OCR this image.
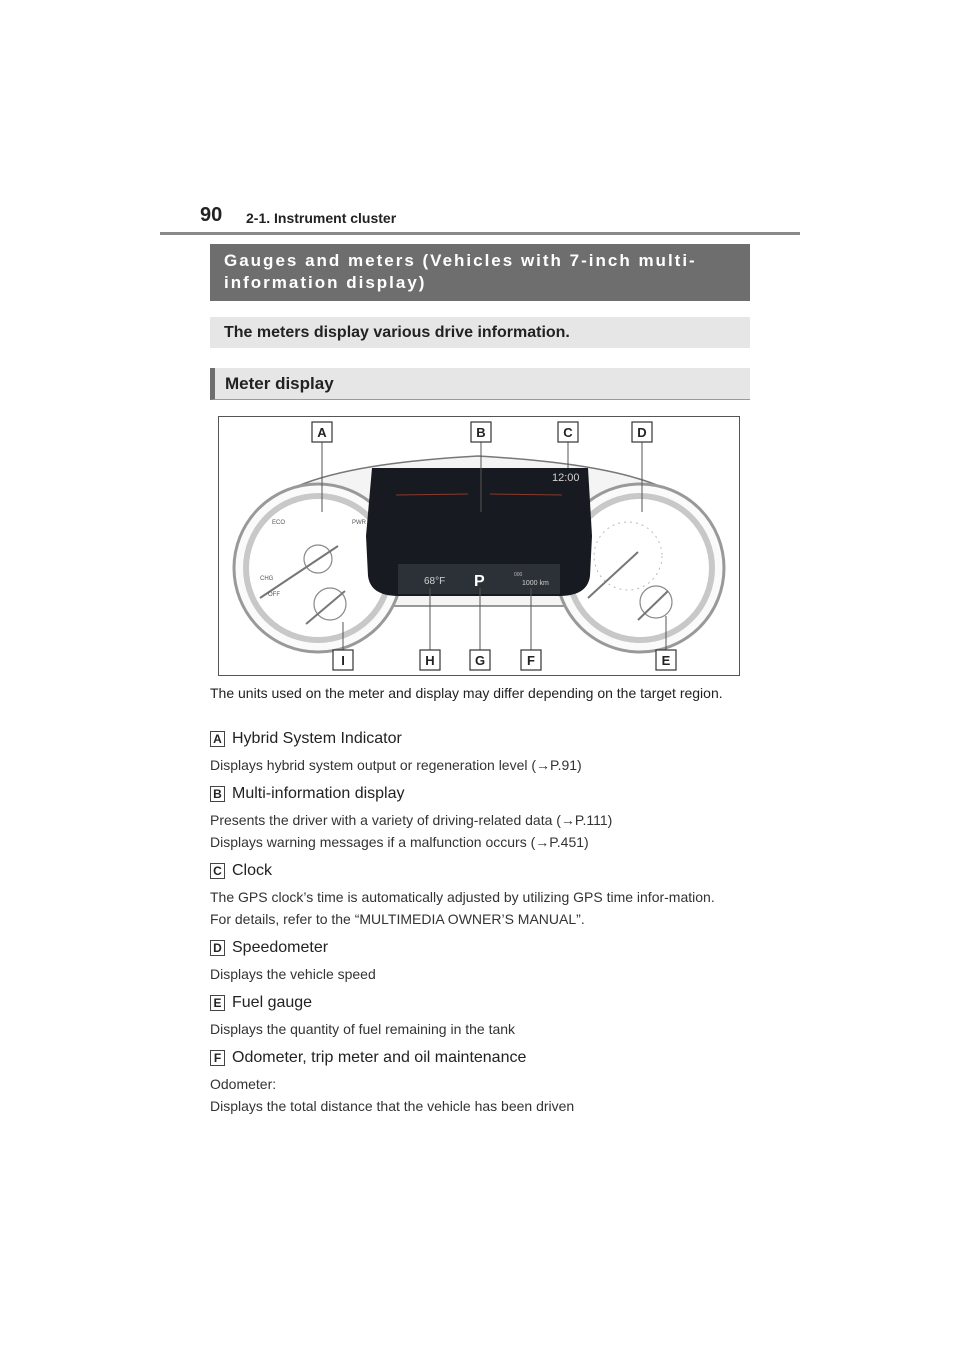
90 2-1. Instrument cluster
Gauges and meters (Vehicles with 7-inch multi-information display)
The meters display various drive information.
Meter display
ECO	PWR
CHG
OFF
12:00
68°F P	000
1000 km
A	B	C	D
I	H	G	F	E
The units used on the meter and display may differ depending on the target region.
A Hybrid System Indicator
Displays hybrid system output or regeneration level (→P.91)
B Multi-information display
Presents the driver with a variety of driving-related data (→P.111)
Displays warning messages if a malfunction occurs (→P.451)
C Clock
The GPS clock’s time is automatically adjusted by utilizing GPS time infor-mation.
For details, refer to the “MULTIMEDIA OWNER’S MANUAL”.
D Speedometer
Displays the vehicle speed
E Fuel gauge
Displays the quantity of fuel remaining in the tank
F Odometer, trip meter and oil maintenance
Odometer:
Displays the total distance that the vehicle has been driven
